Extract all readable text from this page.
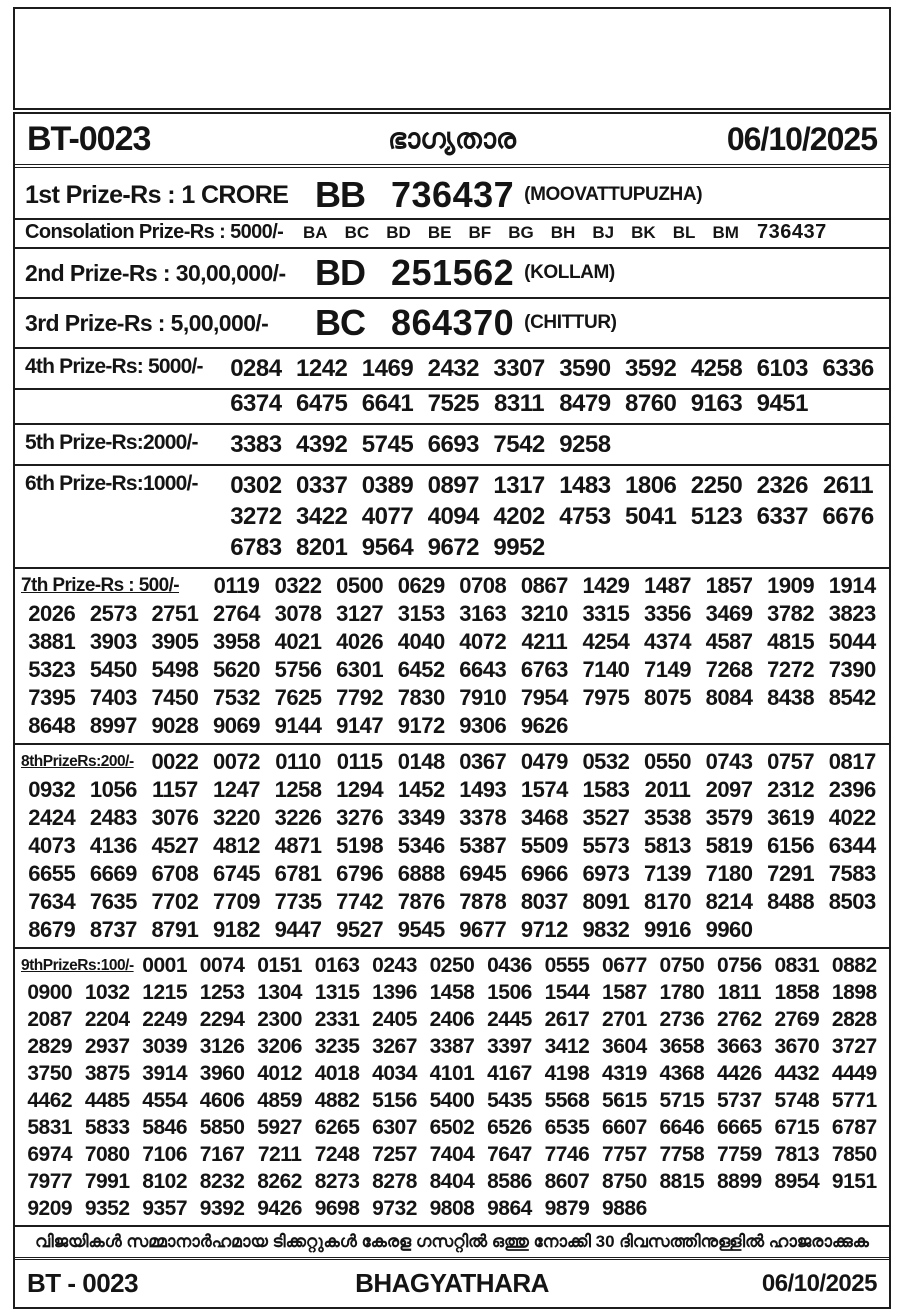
BT-0023	ഭാഗ്യതാര	06/10/2025
1st Prize-Rs : 1 CRORE BB 736437 (MOOVATTUPUZHA)
Consolation Prize-Rs : 5000/-	BA BC BD BE BF BG BH BJ BK BL BM 736437
2nd Prize-Rs : 30,00,000/- BD 251562 (KOLLAM)
3rd Prize-Rs : 5,00,000/-	BC 864370 (CHITTUR)
4th Prize-Rs: 5000/-	0284 1242 1469 2432 3307 3590 3592 4258 6103 6336
6374 6475 6641 7525 8311 8479 8760 9163 9451
5th Prize-Rs:2000/-	3383 4392 5745 6693 7542 9258
6th Prize-Rs:1000/-	0302 0337 0389 0897 1317 1483 1806 2250 2326 2611
3272 3422 4077 4094 4202 4753 5041 5123 6337 6676
6783 8201 9564 9672 9952
7th Prize-Rs : 500/-	0119 0322 0500 0629 0708 0867 1429 1487 1857 1909 1914
2026 2573 2751 2764 3078 3127 3153 3163 3210 3315 3356 3469 3782 3823
3881 3903 3905 3958 4021 4026 4040 4072 4211 4254 4374 4587 4815 5044
5323 5450 5498 5620 5756 6301 6452 6643 6763 7140 7149 7268 7272 7390
7395 7403 7450 7532 7625 7792 7830 7910 7954 7975 8075 8084 8438 8542
8648 8997 9028 9069 9144 9147 9172 9306 9626
8thPrizeRs:200/- 0022 0072 0110 0115 0148 0367 0479 0532 0550 0743 0757 0817
0932 1056 1157 1247 1258 1294 1452 1493 1574 1583 2011 2097 2312 2396
2424 2483 3076 3220 3226 3276 3349 3378 3468 3527 3538 3579 3619 4022
4073 4136 4527 4812 4871 5198 5346 5387 5509 5573 5813 5819 6156 6344
6655 6669 6708 6745 6781 6796 6888 6945 6966 6973 7139 7180 7291 7583
7634 7635 7702 7709 7735 7742 7876 7878 8037 8091 8170 8214 8488 8503
8679 8737 8791 9182 9447 9527 9545 9677 9712 9832 9916 9960
9thPrizeRs:100/- 0001 0074 0151 0163 0243 0250 0436 0555 0677 0750 0756 0831 0882
0900 1032 1215 1253 1304 1315 1396 1458 1506 1544 1587 1780 1811 1858 1898
2087 2204 2249 2294 2300 2331 2405 2406 2445 2617 2701 2736 2762 2769 2828
2829 2937 3039 3126 3206 3235 3267 3387 3397 3412 3604 3658 3663 3670 3727
3750 3875 3914 3960 4012 4018 4034 4101 4167 4198 4319 4368 4426 4432 4449
4462 4485 4554 4606 4859 4882 5156 5400 5435 5568 5615 5715 5737 5748 5771
5831 5833 5846 5850 5927 6265 6307 6502 6526 6535 6607 6646 6665 6715 6787
6974 7080 7106 7167 7211 7248 7257 7404 7647 7746 7757 7758 7759 7813 7850
7977 7991 8102 8232 8262 8273 8278 8404 8586 8607 8750 8815 8899 8954 9151
9209 9352 9357 9392 9426 9698 9732 9808 9864 9879 9886
വിജയികൾ സമ്മാനാർഹമായ ടിക്കറ്റുകൾ കേരള ഗസറ്റിൽ ഒത്തു നോക്കി 30 ദിവസത്തിനുള്ളിൽ ഹാജരാക്കുക
BT - 0023	BHAGYATHARA	06/10/2025
